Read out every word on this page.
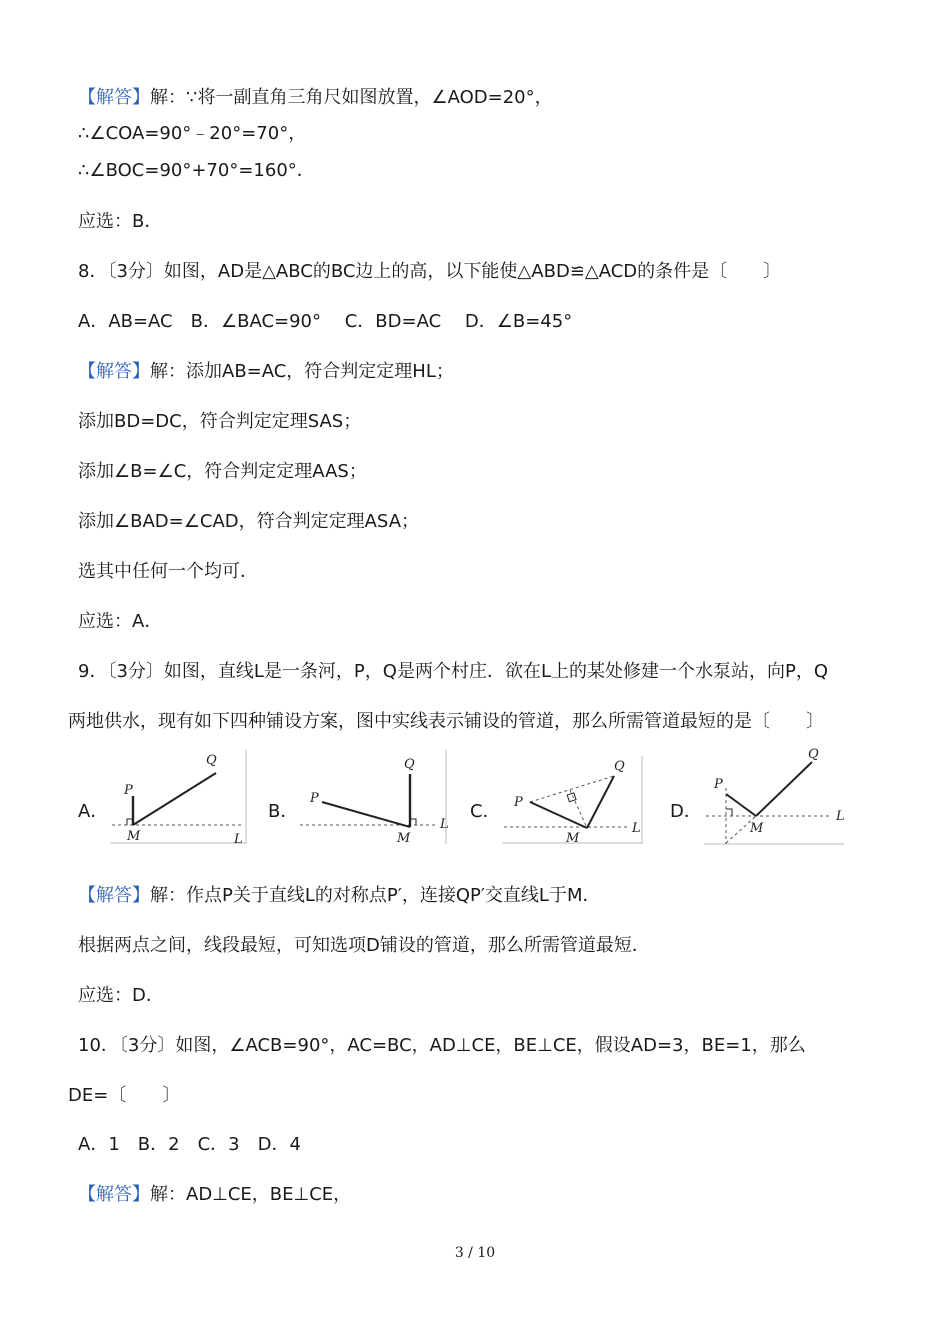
【解答】解：∵将一副直角三角尺如图放置，∠AOD=20°，
∴∠COA=90°﹣20°=70°，
∴∠BOC=90°+70°=160°．
应选：B．
8．〔3分〕如图，AD是△ABC的BC边上的高，以下能使△ABD≌△ACD的条件是〔　　〕
A．AB=AC　B．∠BAC=90°　 C．BD=AC　 D．∠B=45°
【解答】解：添加AB=AC，符合判定定理HL；
添加BD=DC，符合判定定理SAS；
添加∠B=∠C，符合判定定理AAS；
添加∠BAD=∠CAD，符合判定定理ASA；
选其中任何一个均可．
应选：A．
9．〔3分〕如图，直线L是一条河，P，Q是两个村庄．欲在L上的某处修建一个水泵站，向P，Q
两地供水，现有如下四种铺设方案，图中实线表示铺设的管道，那么所需管道最短的是〔　　〕
A．	B．	C．	D．
P
Q
M	L
P
Q
M
L
P
Q
M
L
P
Q
M
L
【解答】解：作点P关于直线L的对称点P′，连接QP′交直线L于M．
根据两点之间，线段最短，可知选项D铺设的管道，那么所需管道最短．
应选：D．
10．〔3分〕如图，∠ACB=90°，AC=BC，AD⊥CE，BE⊥CE，假设AD=3，BE=1，那么
DE=〔　　〕
A．1　B．2　C．3　D．4
【解答】解：AD⊥CE，BE⊥CE，
3 / 10
